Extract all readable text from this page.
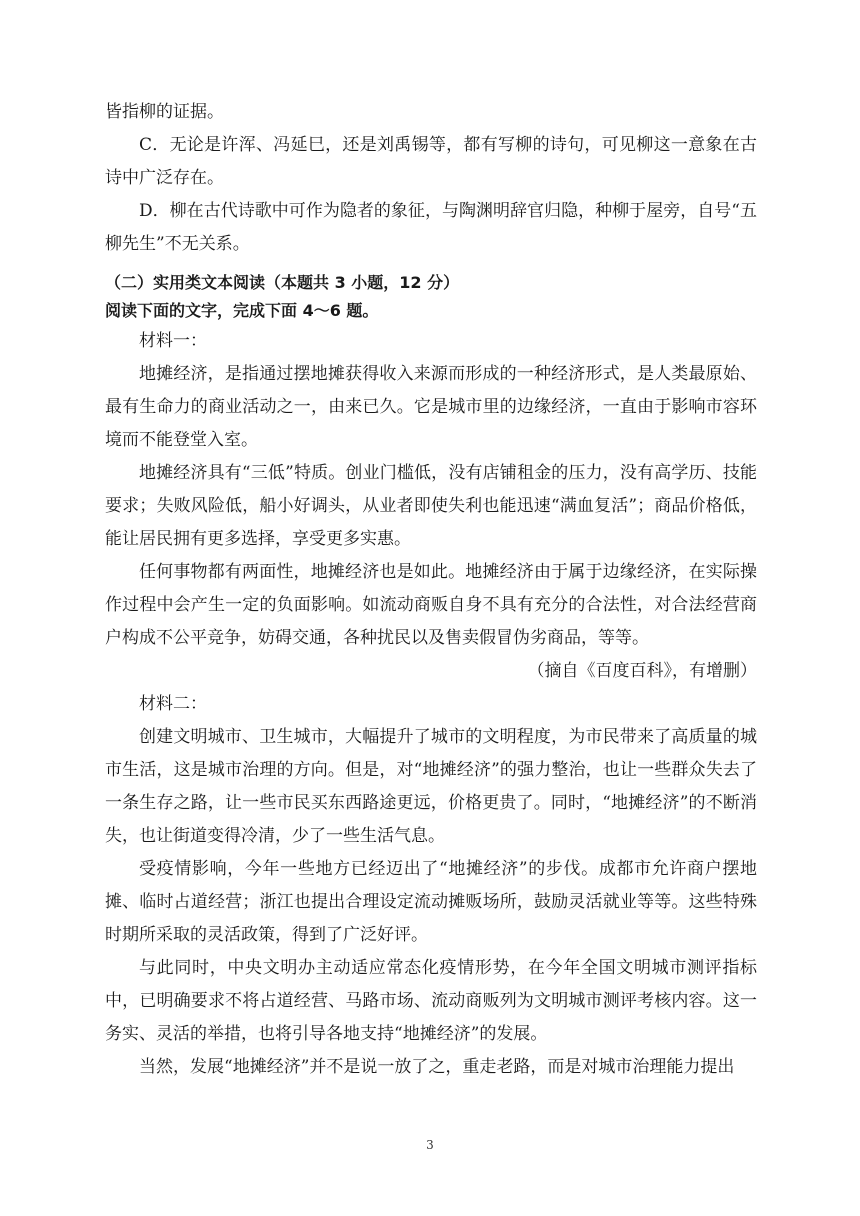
皆指柳的证据。

C．无论是许浑、冯延巳，还是刘禹锡等，都有写柳的诗句，可见柳这一意象在古诗中广泛存在。

D．柳在古代诗歌中可作为隐者的象征，与陶渊明辞官归隐，种柳于屋旁，自号“五柳先生”不无关系。

（二）实用类文本阅读（本题共 3 小题，12 分）

阅读下面的文字，完成下面 4～6 题。

材料一：

地摊经济，是指通过摆地摊获得收入来源而形成的一种经济形式，是人类最原始、最有生命力的商业活动之一，由来已久。它是城市里的边缘经济，一直由于影响市容环境而不能登堂入室。

地摊经济具有“三低”特质。创业门槛低，没有店铺租金的压力，没有高学历、技能要求；失败风险低，船小好调头，从业者即使失利也能迅速“满血复活”；商品价格低，能让居民拥有更多选择，享受更多实惠。

任何事物都有两面性，地摊经济也是如此。地摊经济由于属于边缘经济，在实际操作过程中会产生一定的负面影响。如流动商贩自身不具有充分的合法性，对合法经营商户构成不公平竞争，妨碍交通，各种扰民以及售卖假冒伪劣商品，等等。

（摘自《百度百科》，有增删）

材料二：

创建文明城市、卫生城市，大幅提升了城市的文明程度，为市民带来了高质量的城市生活，这是城市治理的方向。但是，对“地摊经济”的强力整治，也让一些群众失去了一条生存之路，让一些市民买东西路途更远，价格更贵了。同时，“地摊经济”的不断消失，也让街道变得冷清，少了一些生活气息。

受疫情影响，今年一些地方已经迈出了“地摊经济”的步伐。成都市允许商户摆地摊、临时占道经营；浙江也提出合理设定流动摊贩场所，鼓励灵活就业等等。这些特殊时期所采取的灵活政策，得到了广泛好评。

与此同时，中央文明办主动适应常态化疫情形势，在今年全国文明城市测评指标中，已明确要求不将占道经营、马路市场、流动商贩列为文明城市测评考核内容。这一务实、灵活的举措，也将引导各地支持“地摊经济”的发展。

当然，发展“地摊经济”并不是说一放了之，重走老路，而是对城市治理能力提出

3
